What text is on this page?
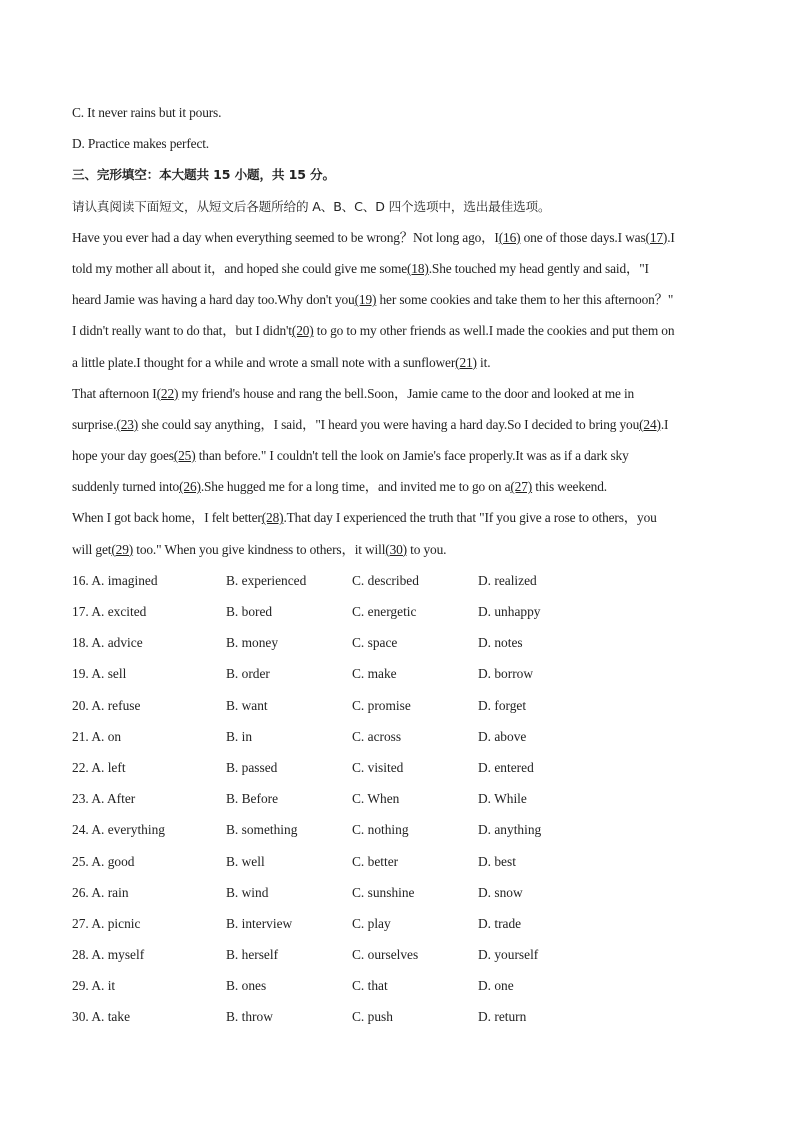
C. It never rains but it pours.
D. Practice makes perfect.
三、完形填空：本大题共 15 小题，共 15 分。
请认真阅读下面短文，从短文后各题所给的 A、B、C、D 四个选项中，选出最佳选项。
Have you ever had a day when everything seemed to be wrong？Not long ago，I(16) one of those days.I was(17).I
told my mother all about it，and hoped she could give me some(18).She touched my head gently and said，"I
heard Jamie was having a hard day too.Why don't you(19) her some cookies and take them to her this afternoon？"
I didn't really want to do that，but I didn't(20) to go to my other friends as well.I made the cookies and put them on
a little plate.I thought for a while and wrote a small note with a sunflower(21) it.
That afternoon I(22) my friend's house and rang the bell.Soon，Jamie came to the door and looked at me in
surprise.(23) she could say anything，I said，"I heard you were having a hard day.So I decided to bring you(24).I
hope your day goes(25) than before." I couldn't tell the look on Jamie's face properly.It was as if a dark sky
suddenly turned into(26).She hugged me for a long time，and invited me to go on a(27) this weekend.
When I got back home，I felt better(28).That day I experienced the truth that "If you give a rose to others，you
will get(29) too." When you give kindness to others，it will(30) to you.
16. A. imagined	B. experienced	C. described	D. realized
17. A. excited	B. bored	C. energetic	D. unhappy
18. A. advice	B. money	C. space	D. notes
19. A. sell	B. order	C. make	D. borrow
20. A. refuse	B. want	C. promise	D. forget
21. A. on	B. in	C. across	D. above
22. A. left	B. passed	C. visited	D. entered
23. A. After	B. Before	C. When	D. While
24. A. everything	B. something	C. nothing	D. anything
25. A. good	B. well	C. better	D. best
26. A. rain	B. wind	C. sunshine	D. snow
27. A. picnic	B. interview	C. play	D. trade
28. A. myself	B. herself	C. ourselves	D. yourself
29. A. it	B. ones	C. that	D. one
30. A. take	B. throw	C. push	D. return
